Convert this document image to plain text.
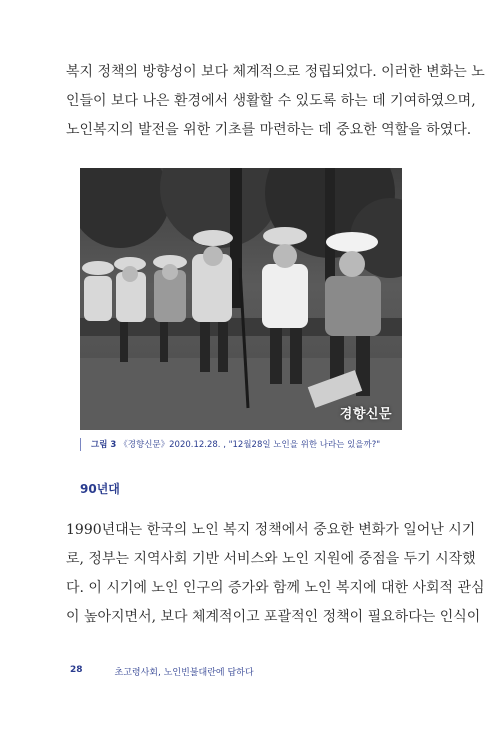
복지 정책의 방향성이 보다 체계적으로 정립되었다. 이러한 변화는 노
인들이 보다 나은 환경에서 생활할 수 있도록 하는 데 기여하였으며,
노인복지의 발전을 위한 기초를 마련하는 데 중요한 역할을 하였다.
경향신문
그림 3 《경향신문》2020.12.28. , "12월28일 노인을 위한 나라는 있을까?"
90년대
1990년대는 한국의 노인 복지 정책에서 중요한 변화가 일어난 시기
로, 정부는 지역사회 기반 서비스와 노인 지원에 중점을 두기 시작했
다. 이 시기에 노인 인구의 증가와 함께 노인 복지에 대한 사회적 관심
이 높아지면서, 보다 체계적이고 포괄적인 정책이 필요하다는 인식이
28	초고령사회, 노인빈불대란에 답하다
